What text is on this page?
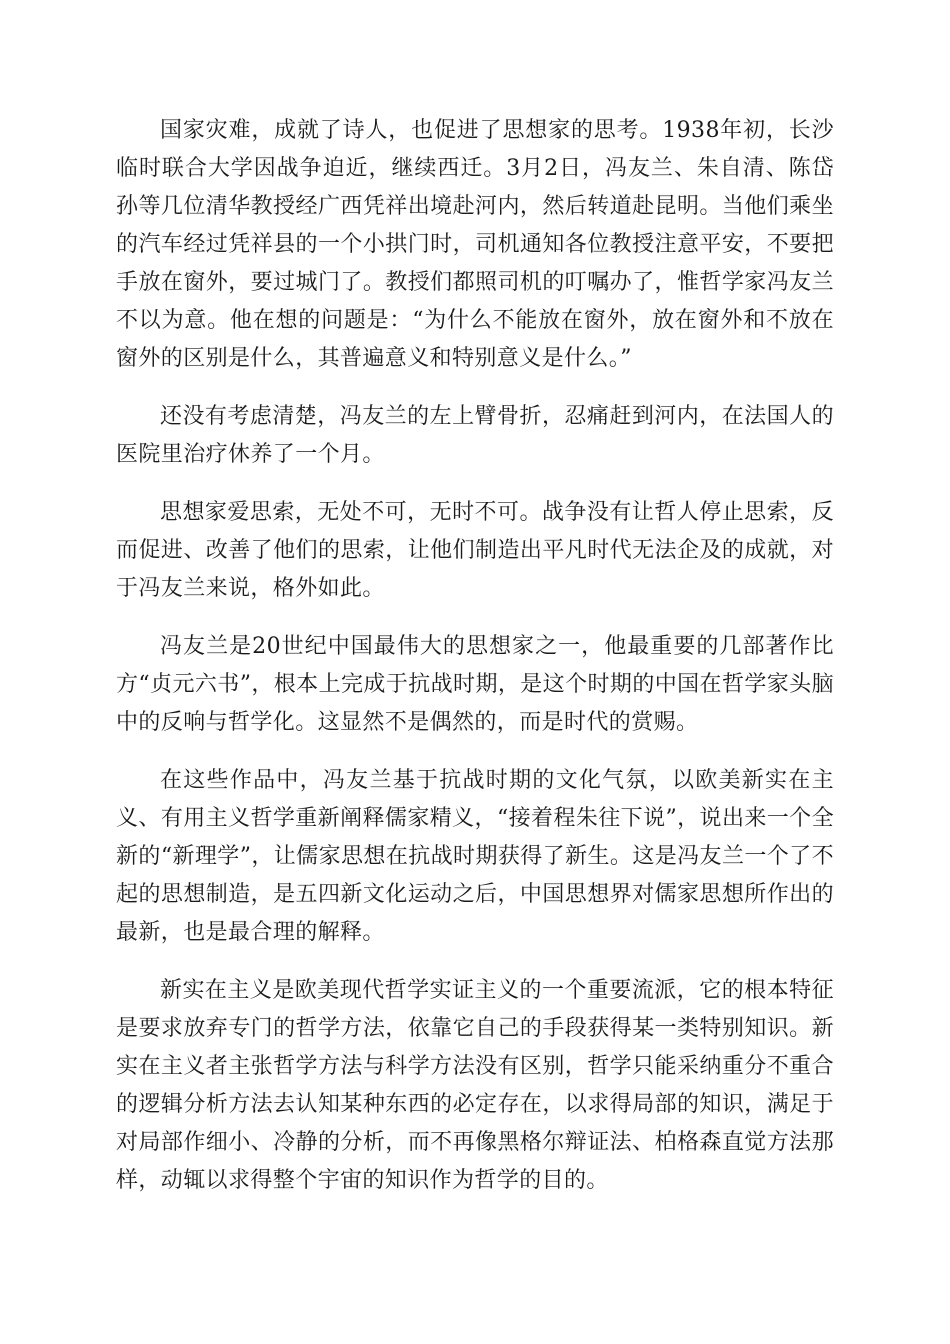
国家灾难，成就了诗人，也促进了思想家的思考。1938年初，长沙临时联合大学因战争迫近，继续西迁。3月2日，冯友兰、朱自清、陈岱孙等几位清华教授经广西凭祥出境赴河内，然后转道赴昆明。当他们乘坐的汽车经过凭祥县的一个小拱门时，司机通知各位教授注意平安，不要把手放在窗外，要过城门了。教授们都照司机的叮嘱办了，惟哲学家冯友兰不以为意。他在想的问题是：“为什么不能放在窗外，放在窗外和不放在窗外的区别是什么，其普遍意义和特别意义是什么。”

还没有考虑清楚，冯友兰的左上臂骨折，忍痛赶到河内，在法国人的医院里治疗休养了一个月。

思想家爱思索，无处不可，无时不可。战争没有让哲人停止思索，反而促进、改善了他们的思索，让他们制造出平凡时代无法企及的成就，对于冯友兰来说，格外如此。

冯友兰是20世纪中国最伟大的思想家之一，他最重要的几部著作比方“贞元六书”，根本上完成于抗战时期，是这个时期的中国在哲学家头脑中的反响与哲学化。这显然不是偶然的，而是时代的赏赐。

在这些作品中，冯友兰基于抗战时期的文化气氛，以欧美新实在主义、有用主义哲学重新阐释儒家精义，“接着程朱往下说”，说出来一个全新的“新理学”，让儒家思想在抗战时期获得了新生。这是冯友兰一个了不起的思想制造，是五四新文化运动之后，中国思想界对儒家思想所作出的最新，也是最合理的解释。

新实在主义是欧美现代哲学实证主义的一个重要流派，它的根本特征是要求放弃专门的哲学方法，依靠它自己的手段获得某一类特别知识。新实在主义者主张哲学方法与科学方法没有区别，哲学只能采纳重分不重合的逻辑分析方法去认知某种东西的必定存在，以求得局部的知识，满足于对局部作细小、冷静的分析，而不再像黑格尔辩证法、柏格森直觉方法那样，动辄以求得整个宇宙的知识作为哲学的目的。
